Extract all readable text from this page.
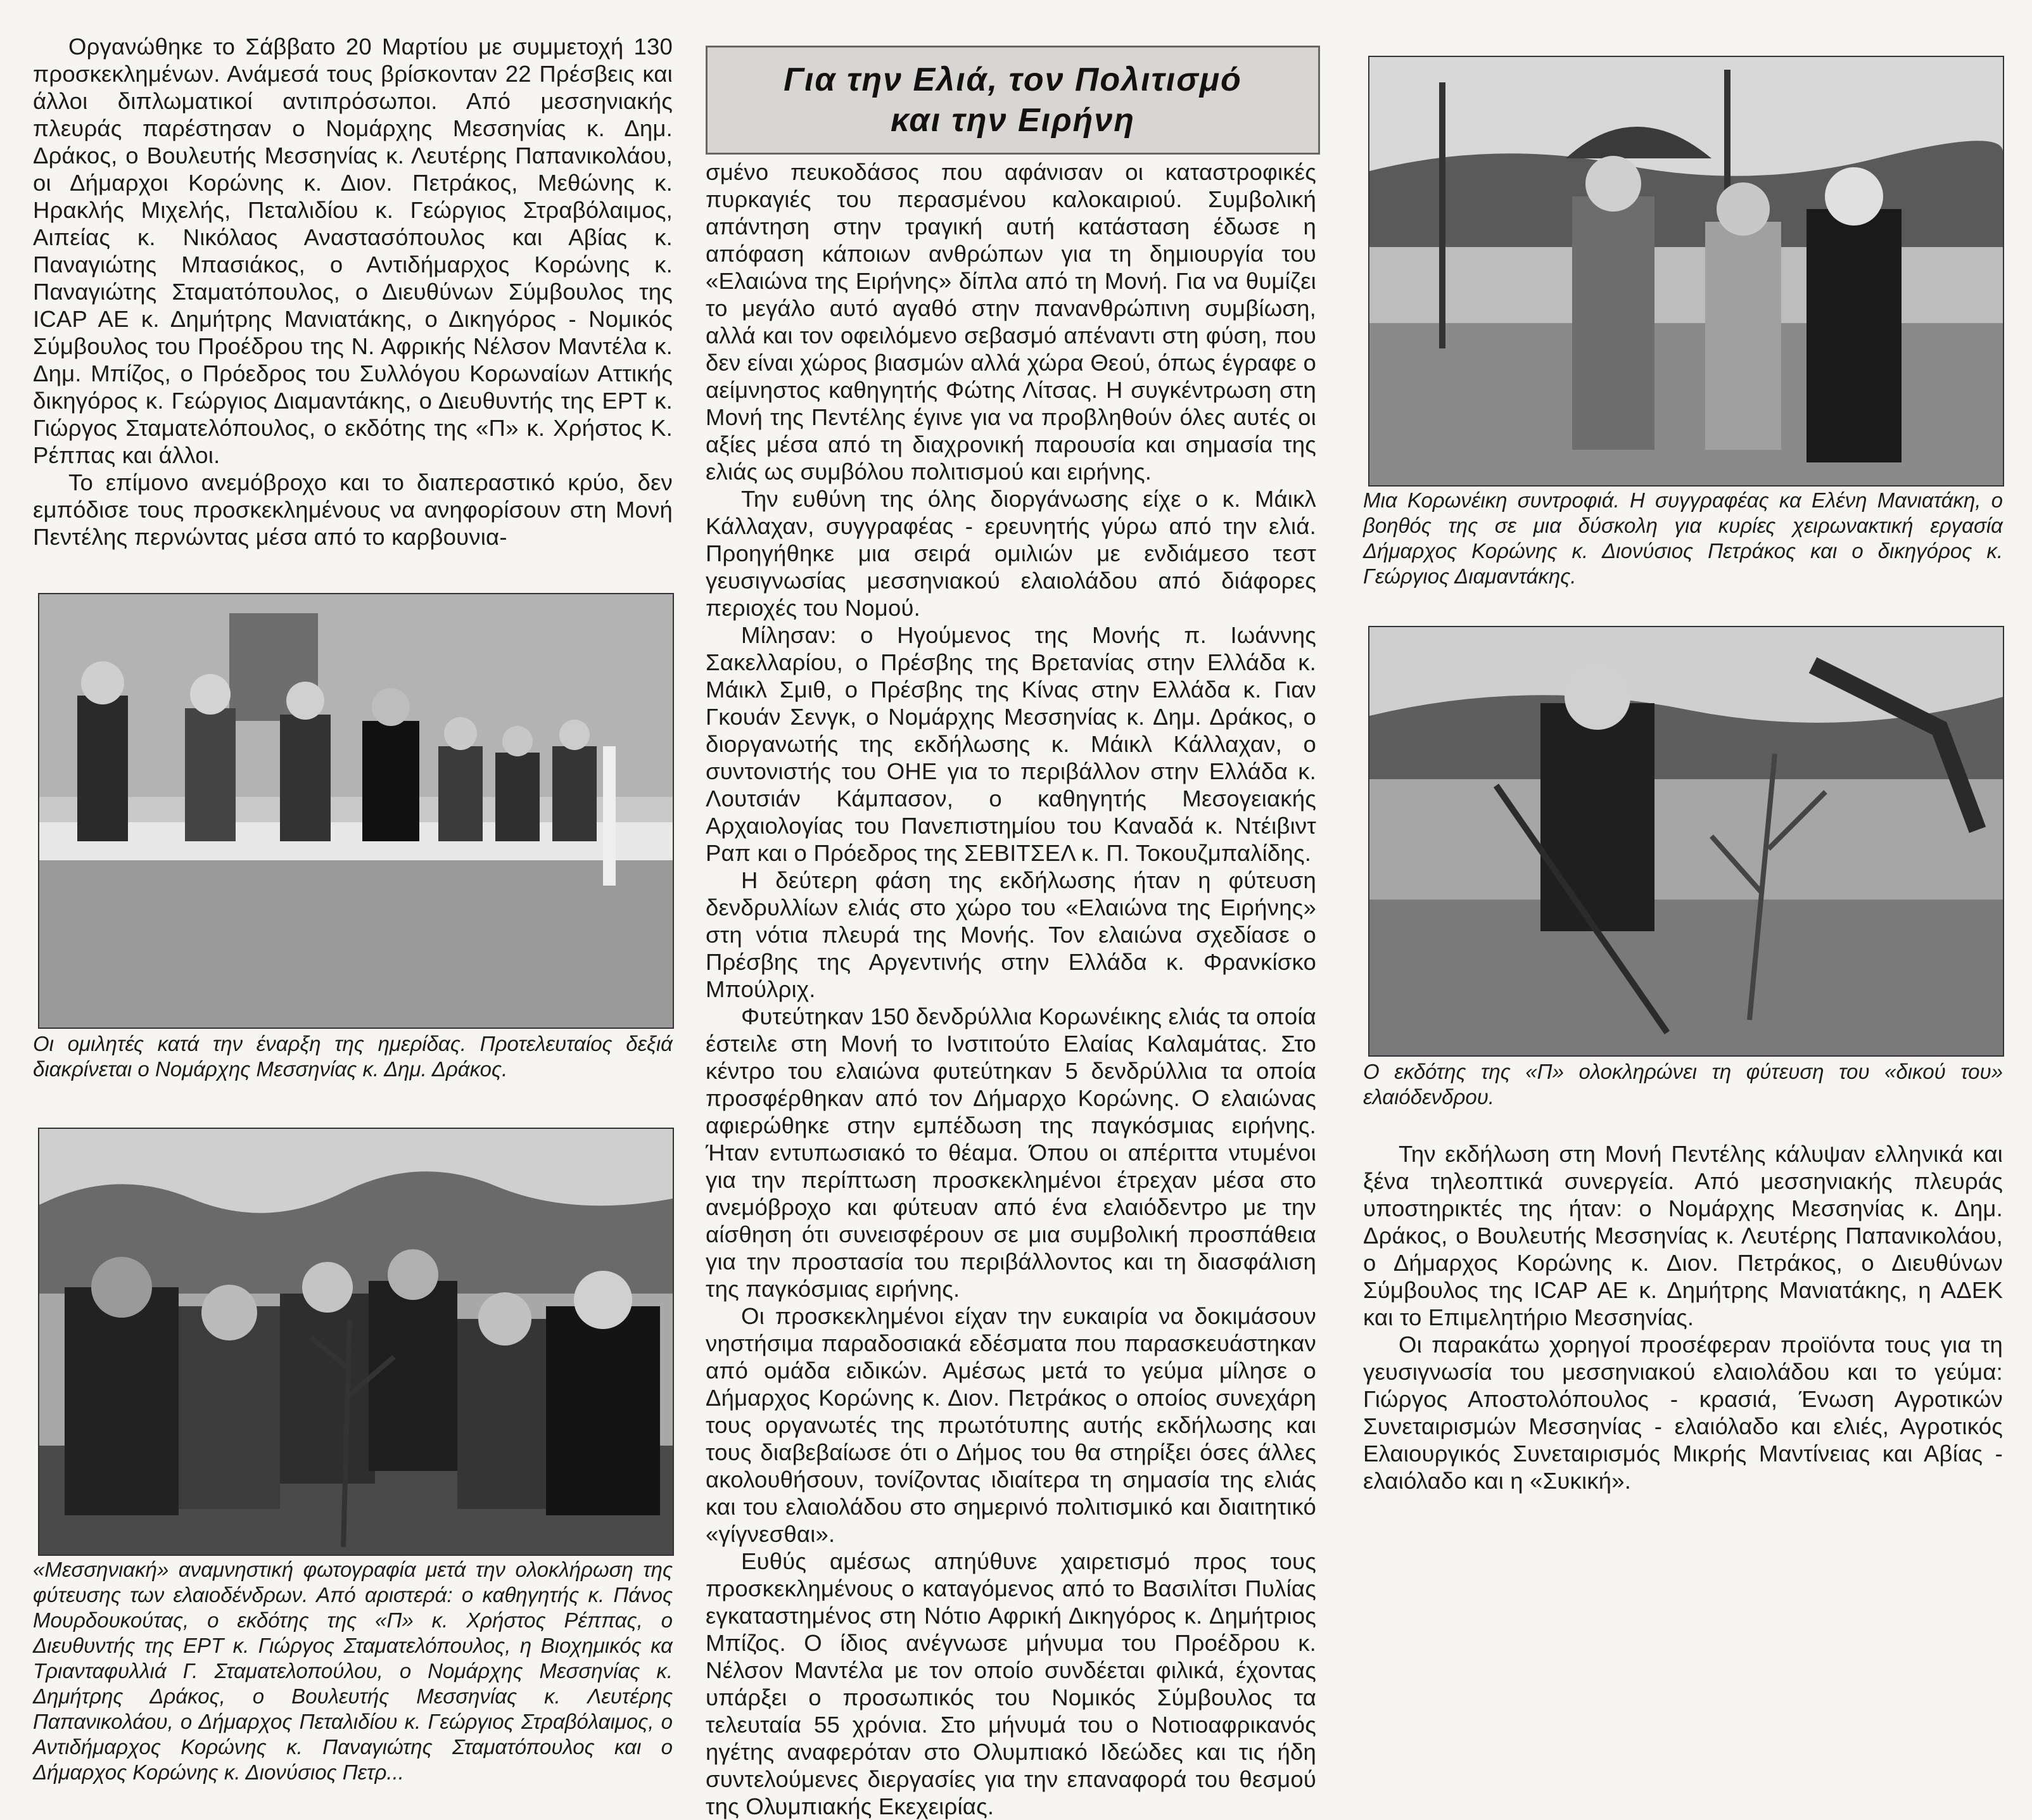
Οργανώθηκε το Σάββατο 20 Μαρτίου με συμμετοχή 130 προσκεκλημένων. Ανάμεσά τους βρίσκονταν 22 Πρέσβεις και άλλοι διπλωματικοί αντιπρόσωποι. Από μεσσηνιακής πλευράς παρέστησαν ο Νομάρχης Μεσσηνίας κ. Δημ. Δράκος, ο Βουλευτής Μεσσηνίας κ. Λευτέρης Παπανικολάου, οι Δήμαρχοι Κορώνης κ. Διον. Πετράκος, Μεθώνης κ. Ηρακλής Μιχελής, Πεταλιδίου κ. Γεώργιος Στραβόλαιμος, Αιπείας κ. Νικόλαος Αναστασόπουλος και Αβίας κ. Παναγιώτης Μπασιάκος, ο Αντιδήμαρχος Κορώνης κ. Παναγιώτης Σταματόπουλος, ο Διευθύνων Σύμβουλος της ICAP AE κ. Δημήτρης Μανιατάκης, ο Δικηγόρος - Νομικός Σύμβουλος του Προέδρου της Ν. Αφρικής Νέλσον Μαντέλα κ. Δημ. Μπίζος, ο Πρόεδρος του Συλλόγου Κορωναίων Αττικής δικηγόρος κ. Γεώργιος Διαμαντάκης, ο Διευθυντής της ΕΡΤ κ. Γιώργος Σταματελόπουλος, ο εκδότης της «Π» κ. Χρήστος Κ. Ρέππας και άλλοι.

Το επίμονο ανεμόβροχο και το διαπεραστικό κρύο, δεν εμπόδισε τους προσκεκλημένους να ανηφορίσουν στη Μονή Πεντέλης περνώντας μέσα από το καρβουνια-

Οι ομιλητές κατά την έναρξη της ημερίδας. Προτελευταίος δεξιά διακρίνεται ο Νομάρχης Μεσσηνίας κ. Δημ. Δράκος.

«Μεσσηνιακή» αναμνηστική φωτογραφία μετά την ολοκλήρωση της φύτευσης των ελαιοδένδρων. Από αριστερά: ο καθηγητής κ. Πάνος Μουρδουκούτας, ο εκδότης της «Π» κ. Χρήστος Ρέππας, ο Διευθυντής της ΕΡΤ κ. Γιώργος Σταματελόπουλος, η Βιοχημικός κα Τριανταφυλλιά Γ. Σταματελοπούλου, ο Νομάρχης Μεσσηνίας κ. Δημήτρης Δράκος, ο Βουλευτής Μεσσηνίας κ. Λευτέρης Παπανικολάου, ο Δήμαρχος Πεταλιδίου κ. Γεώργιος Στραβόλαιμος, ο Αντιδήμαρχος Κορώνης κ. Παναγιώτης Σταματόπουλος και ο Δήμαρχος Κορώνης κ. Διονύσιος Πετρ...

Για την Ελιά, τον Πολιτισμό
και την Ειρήνη

σμένο πευκοδάσος που αφάνισαν οι καταστροφικές πυρκαγιές του περασμένου καλοκαιριού. Συμβολική απάντηση στην τραγική αυτή κατάσταση έδωσε η απόφαση κάποιων ανθρώπων για τη δημιουργία του «Ελαιώνα της Ειρήνης» δίπλα από τη Μονή. Για να θυμίζει το μεγάλο αυτό αγαθό στην πανανθρώπινη συμβίωση, αλλά και τον οφειλόμενο σεβασμό απέναντι στη φύση, που δεν είναι χώρος βιασμών αλλά χώρα Θεού, όπως έγραφε ο αείμνηστος καθηγητής Φώτης Λίτσας. Η συγκέντρωση στη Μονή της Πεντέλης έγινε για να προβληθούν όλες αυτές οι αξίες μέσα από τη διαχρονική παρουσία και σημασία της ελιάς ως συμβόλου πολιτισμού και ειρήνης.

Την ευθύνη της όλης διοργάνωσης είχε ο κ. Μάικλ Κάλλαχαν, συγγραφέας - ερευνητής γύρω από την ελιά. Προηγήθηκε μια σειρά ομιλιών με ενδιάμεσο τεστ γευσιγνωσίας μεσσηνιακού ελαιολάδου από διάφορες περιοχές του Νομού.

Μίλησαν: ο Ηγούμενος της Μονής π. Ιωάννης Σακελλαρίου, ο Πρέσβης της Βρετανίας στην Ελλάδα κ. Μάικλ Σμιθ, ο Πρέσβης της Κίνας στην Ελλάδα κ. Γιαν Γκουάν Σενγκ, ο Νομάρχης Μεσσηνίας κ. Δημ. Δράκος, ο διοργανωτής της εκδήλωσης κ. Μάικλ Κάλλαχαν, ο συντονιστής του ΟΗΕ για το περιβάλλον στην Ελλάδα κ. Λουτσιάν Κάμπασον, ο καθηγητής Μεσογειακής Αρχαιολογίας του Πανεπιστημίου του Καναδά κ. Ντέιβιντ Ραπ και ο Πρόεδρος της ΣΕΒΙΤΣΕΛ κ. Π. Τοκουζμπαλίδης.

Η δεύτερη φάση της εκδήλωσης ήταν η φύτευση δενδρυλλίων ελιάς στο χώρο του «Ελαιώνα της Ειρήνης» στη νότια πλευρά της Μονής. Τον ελαιώνα σχεδίασε ο Πρέσβης της Αργεντινής στην Ελλάδα κ. Φρανκίσκο Μπούλριχ.

Φυτεύτηκαν 150 δενδρύλλια Κορωνέικης ελιάς τα οποία έστειλε στη Μονή το Ινστιτούτο Ελαίας Καλαμάτας. Στο κέντρο του ελαιώνα φυτεύτηκαν 5 δενδρύλλια τα οποία προσφέρθηκαν από τον Δήμαρχο Κορώνης. Ο ελαιώνας αφιερώθηκε στην εμπέδωση της παγκόσμιας ειρήνης. Ήταν εντυπωσιακό το θέαμα. Όπου οι απέριττα ντυμένοι για την περίπτωση προσκεκλημένοι έτρεχαν μέσα στο ανεμόβροχο και φύτευαν από ένα ελαιόδεντρο με την αίσθηση ότι συνεισφέρουν σε μια συμβολική προσπάθεια για την προστασία του περιβάλλοντος και τη διασφάλιση της παγκόσμιας ειρήνης.

Οι προσκεκλημένοι είχαν την ευκαιρία να δοκιμάσουν νηστήσιμα παραδοσιακά εδέσματα που παρασκευάστηκαν από ομάδα ειδικών. Αμέσως μετά το γεύμα μίλησε ο Δήμαρχος Κορώνης κ. Διον. Πετράκος ο οποίος συνεχάρη τους οργανωτές της πρωτότυπης αυτής εκδήλωσης και τους διαβεβαίωσε ότι ο Δήμος του θα στηρίξει όσες άλλες ακολουθήσουν, τονίζοντας ιδιαίτερα τη σημασία της ελιάς και του ελαιολάδου στο σημερινό πολιτισμικό και διαιτητικό «γίγνεσθαι».

Ευθύς αμέσως απηύθυνε χαιρετισμό προς τους προσκεκλημένους ο καταγόμενος από το Βασιλίτσι Πυλίας εγκαταστημένος στη Νότιο Αφρική Δικηγόρος κ. Δημήτριος Μπίζος. Ο ίδιος ανέγνωσε μήνυμα του Προέδρου κ. Νέλσον Μαντέλα με τον οποίο συνδέεται φιλικά, έχοντας υπάρξει ο προσωπικός του Νομικός Σύμβουλος τα τελευταία 55 χρόνια. Στο μήνυμά του ο Νοτιοαφρικανός ηγέτης αναφερόταν στο Ολυμπιακό Ιδεώδες και τις ήδη συντελούμενες διεργασίες για την επαναφορά του θεσμού της Ολυμπιακής Εκεχειρίας.

Μια Κορωνέικη συντροφιά. Η συγγραφέας κα Ελένη Μανιατάκη, ο βοηθός της σε μια δύσκολη για κυρίες χειρωνακτική εργασία Δήμαρχος Κορώνης κ. Διονύσιος Πετράκος και ο δικηγόρος κ. Γεώργιος Διαμαντάκης.

Ο εκδότης της «Π» ολοκληρώνει τη φύτευση του «δικού του» ελαιόδενδρου.

Την εκδήλωση στη Μονή Πεντέλης κάλυψαν ελληνικά και ξένα τηλεοπτικά συνεργεία. Από μεσσηνιακής πλευράς υποστηρικτές της ήταν: ο Νομάρχης Μεσσηνίας κ. Δημ. Δράκος, ο Βουλευτής Μεσσηνίας κ. Λευτέρης Παπανικολάου, ο Δήμαρχος Κορώνης κ. Διον. Πετράκος, ο Διευθύνων Σύμβουλος της ICAP AE κ. Δημήτρης Μανιατάκης, η ΑΔΕΚ και το Επιμελητήριο Μεσσηνίας.

Οι παρακάτω χορηγοί προσέφεραν προϊόντα τους για τη γευσιγνωσία του μεσσηνιακού ελαιολάδου και το γεύμα: Γιώργος Αποστολόπουλος - κρασιά, Ένωση Αγροτικών Συνεταιρισμών Μεσσηνίας - ελαιόλαδο και ελιές, Αγροτικός Ελαιουργικός Συνεταιρισμός Μικρής Μαντίνειας και Αβίας - ελαιόλαδο και η «Συκική».
